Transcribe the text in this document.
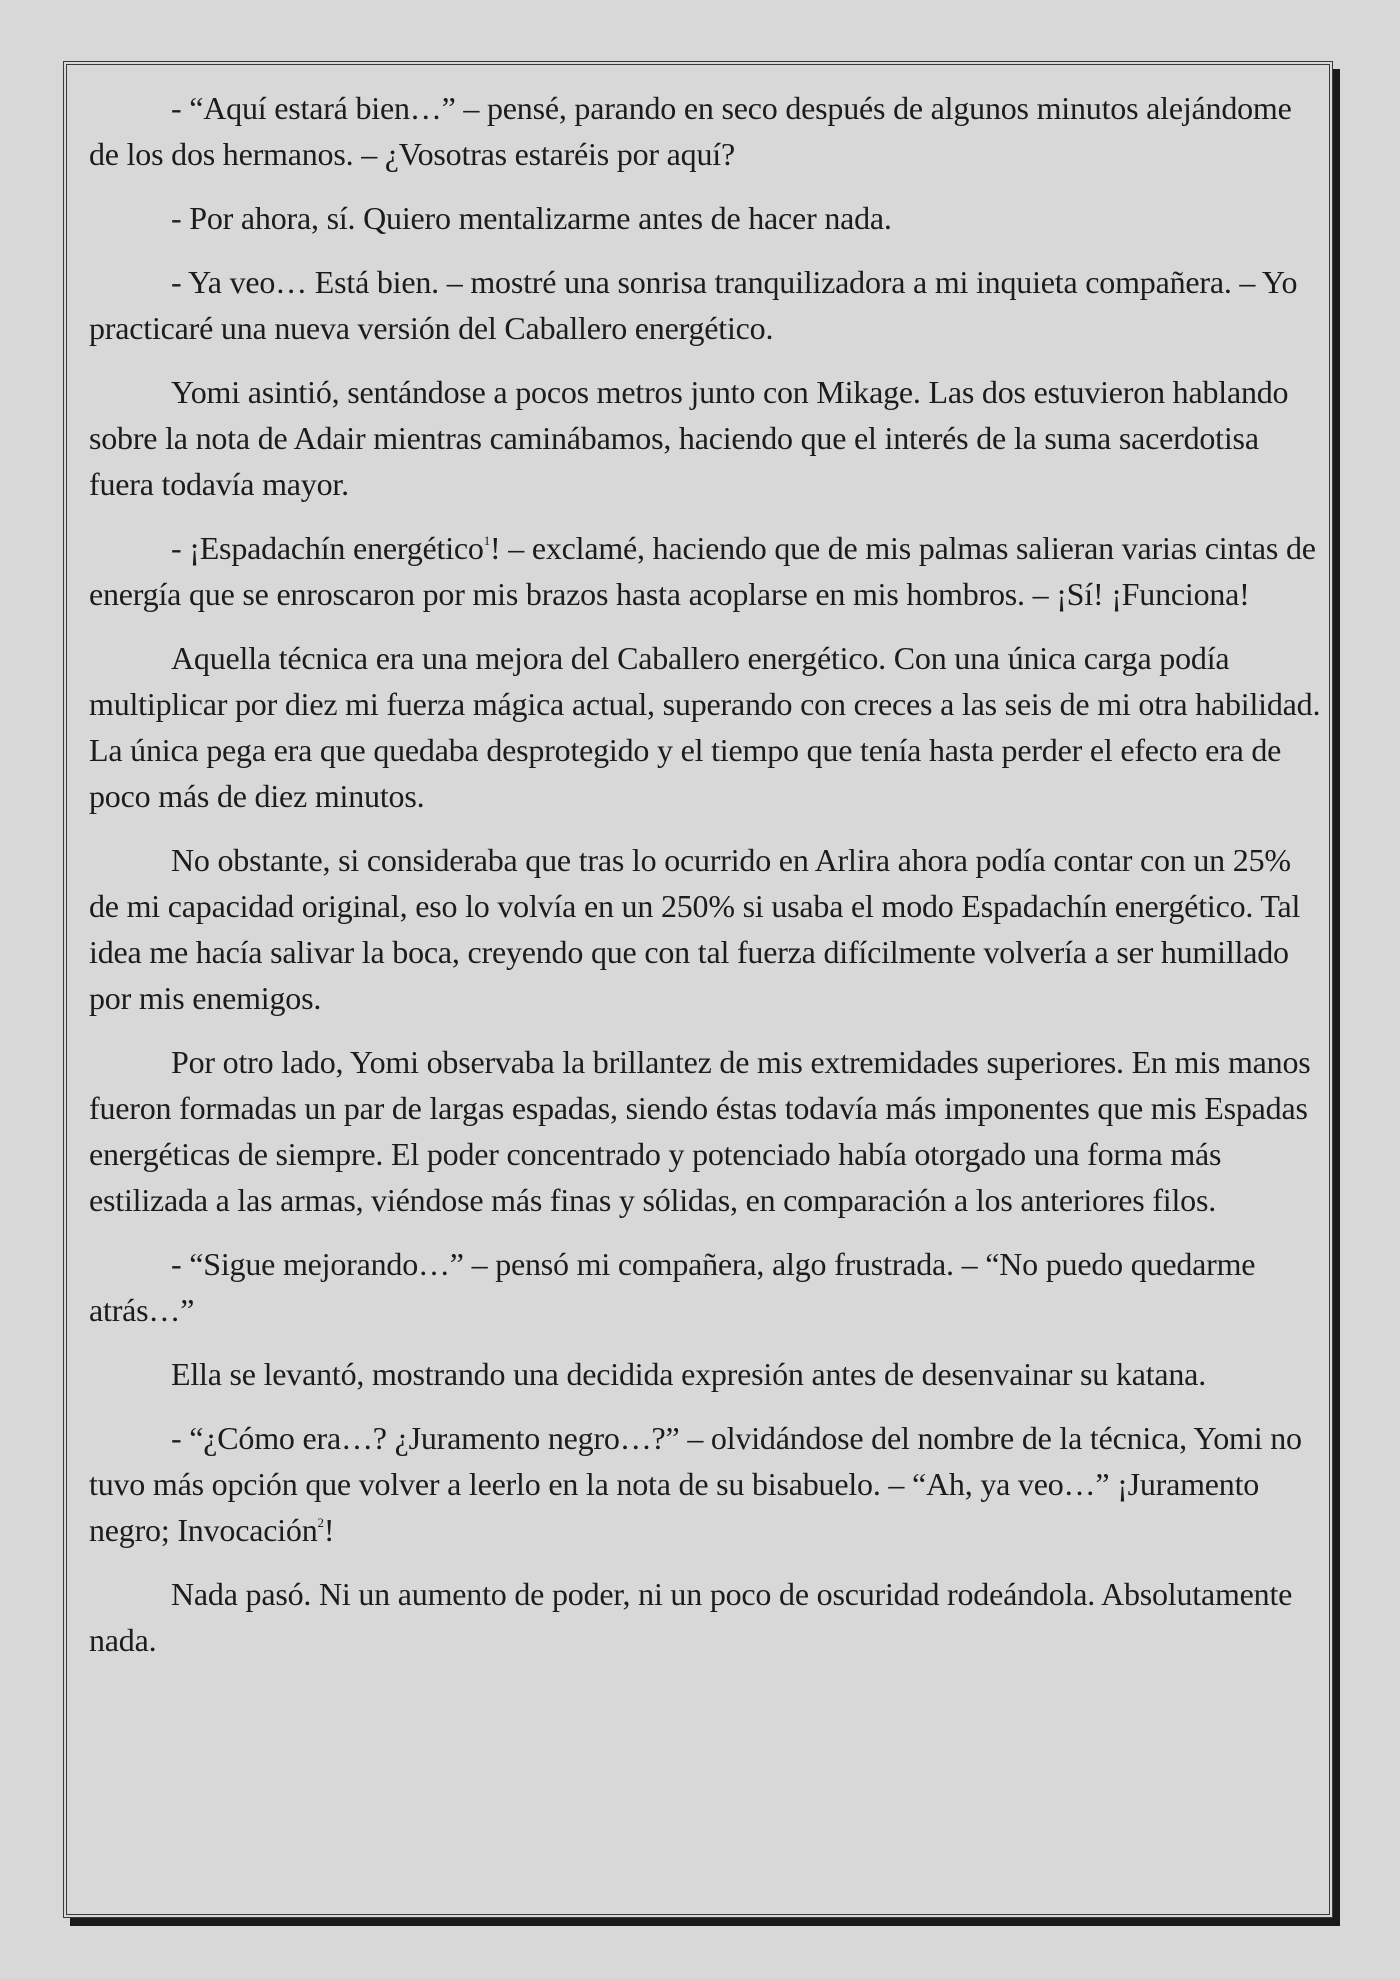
- “Aquí estará bien…” – pensé, parando en seco después de algunos minutos alejándome de los dos hermanos. – ¿Vosotras estaréis por aquí?

- Por ahora, sí. Quiero mentalizarme antes de hacer nada.

- Ya veo… Está bien. – mostré una sonrisa tranquilizadora a mi inquieta compañera. – Yo practicaré una nueva versión del Caballero energético.

Yomi asintió, sentándose a pocos metros junto con Mikage. Las dos estuvieron hablando sobre la nota de Adair mientras caminábamos, haciendo que el interés de la suma sacerdotisa fuera todavía mayor.

- ¡Espadachín energético$^1$! – exclamé, haciendo que de mis palmas salieran varias cintas de energía que se enroscaron por mis brazos hasta acoplarse en mis hombros. – ¡Sí! ¡Funciona!

Aquella técnica era una mejora del Caballero energético. Con una única carga podía multiplicar por diez mi fuerza mágica actual, superando con creces a las seis de mi otra habilidad. La única pega era que quedaba desprotegido y el tiempo que tenía hasta perder el efecto era de poco más de diez minutos.

No obstante, si consideraba que tras lo ocurrido en Arlira ahora podía contar con un 25% de mi capacidad original, eso lo volvía en un 250% si usaba el modo Espadachín energético. Tal idea me hacía salivar la boca, creyendo que con tal fuerza difícilmente volvería a ser humillado por mis enemigos.

Por otro lado, Yomi observaba la brillantez de mis extremidades superiores. En mis manos fueron formadas un par de largas espadas, siendo éstas todavía más imponentes que mis Espadas energéticas de siempre. El poder concentrado y potenciado había otorgado una forma más estilizada a las armas, viéndose más finas y sólidas, en comparación a los anteriores filos.

- “Sigue mejorando…” – pensó mi compañera, algo frustrada. – “No puedo quedarme atrás…”

Ella se levantó, mostrando una decidida expresión antes de desenvainar su katana.

- “¿Cómo era…? ¿Juramento negro…?” – olvidándose del nombre de la técnica, Yomi no tuvo más opción que volver a leerlo en la nota de su bisabuelo. – “Ah, ya veo…” ¡Juramento negro; Invocación$^2$!

Nada pasó. Ni un aumento de poder, ni un poco de oscuridad rodeándola. Absolutamente nada.
